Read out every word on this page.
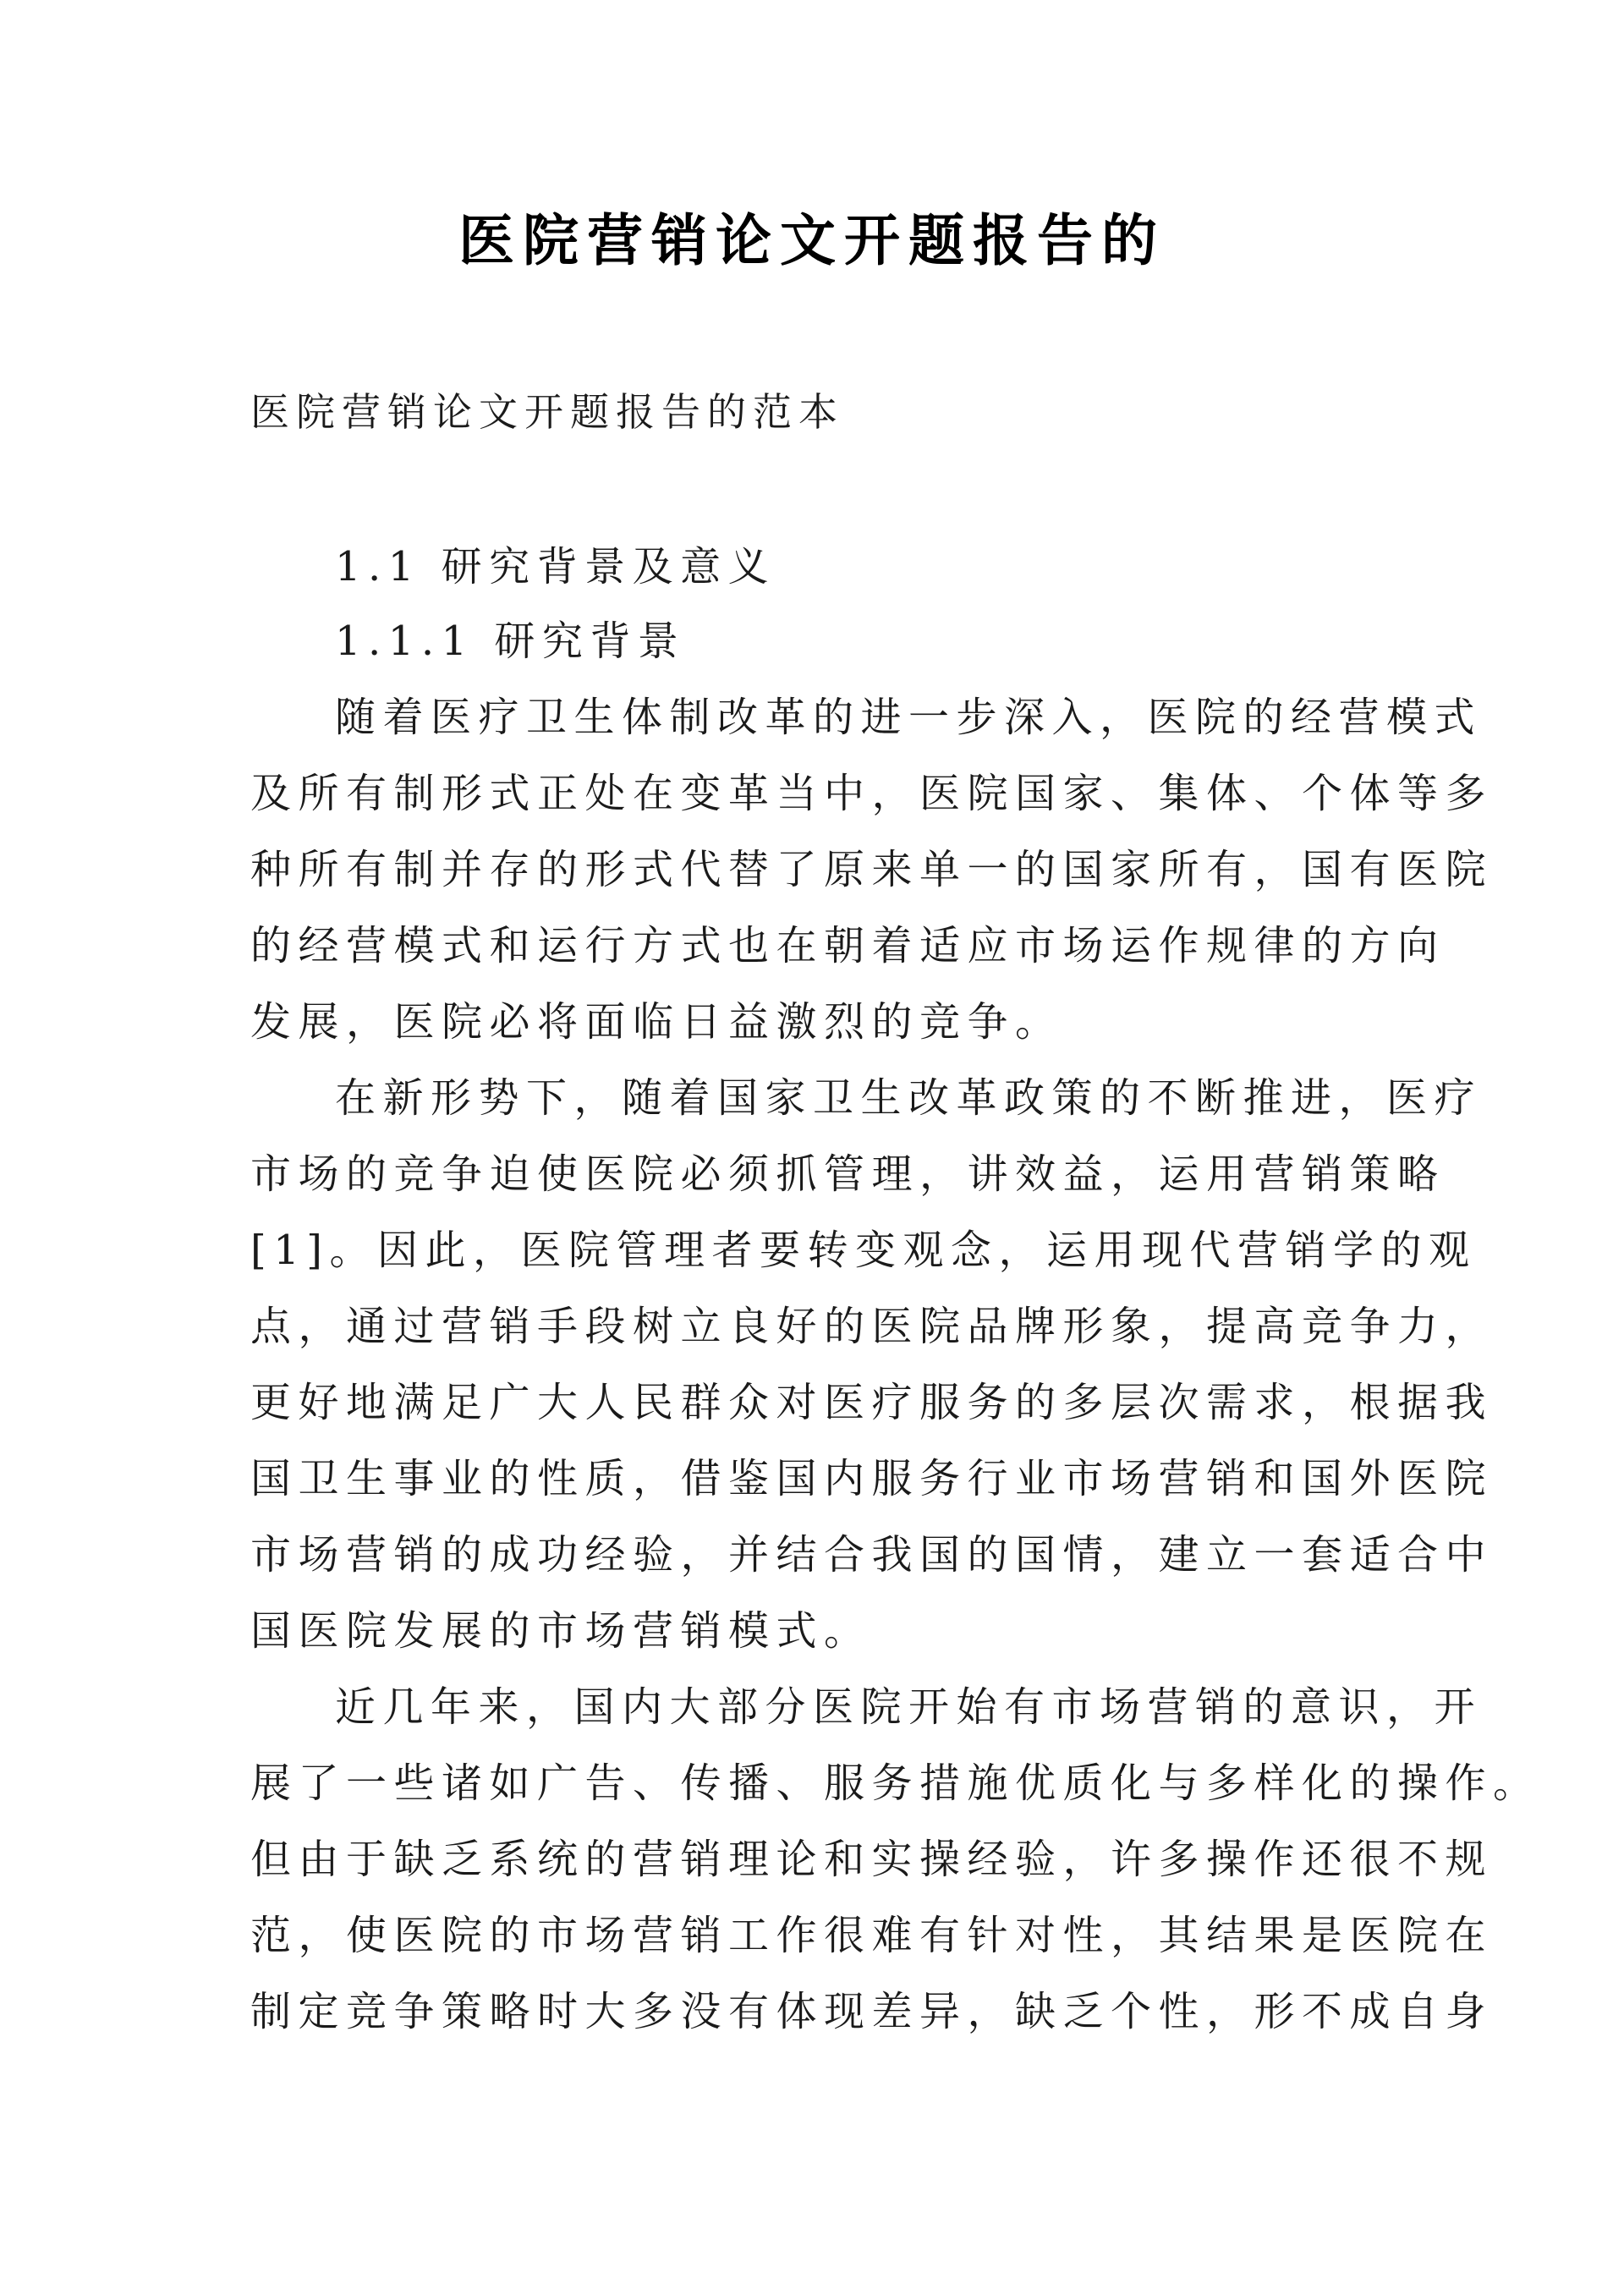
医院营销论文开题报告的
医院营销论文开题报告的范本
1.1 研究背景及意义
1.1.1 研究背景
随着医疗卫生体制改革的进一步深入，医院的经营模式
及所有制形式正处在变革当中，医院国家、集体、个体等多
种所有制并存的形式代替了原来单一的国家所有，国有医院
的经营模式和运行方式也在朝着适应市场运作规律的方向
发展，医院必将面临日益激烈的竞争。
在新形势下，随着国家卫生改革政策的不断推进，医疗
市场的竞争迫使医院必须抓管理，讲效益，运用营销策略
[1]。因此，医院管理者要转变观念，运用现代营销学的观
点，通过营销手段树立良好的医院品牌形象，提高竞争力，
更好地满足广大人民群众对医疗服务的多层次需求，根据我
国卫生事业的性质，借鉴国内服务行业市场营销和国外医院
市场营销的成功经验，并结合我国的国情，建立一套适合中
国医院发展的市场营销模式。
近几年来，国内大部分医院开始有市场营销的意识，开
展了一些诸如广告、传播、服务措施优质化与多样化的操作。
但由于缺乏系统的营销理论和实操经验，许多操作还很不规
范，使医院的市场营销工作很难有针对性，其结果是医院在
制定竞争策略时大多没有体现差异，缺乏个性，形不成自身
